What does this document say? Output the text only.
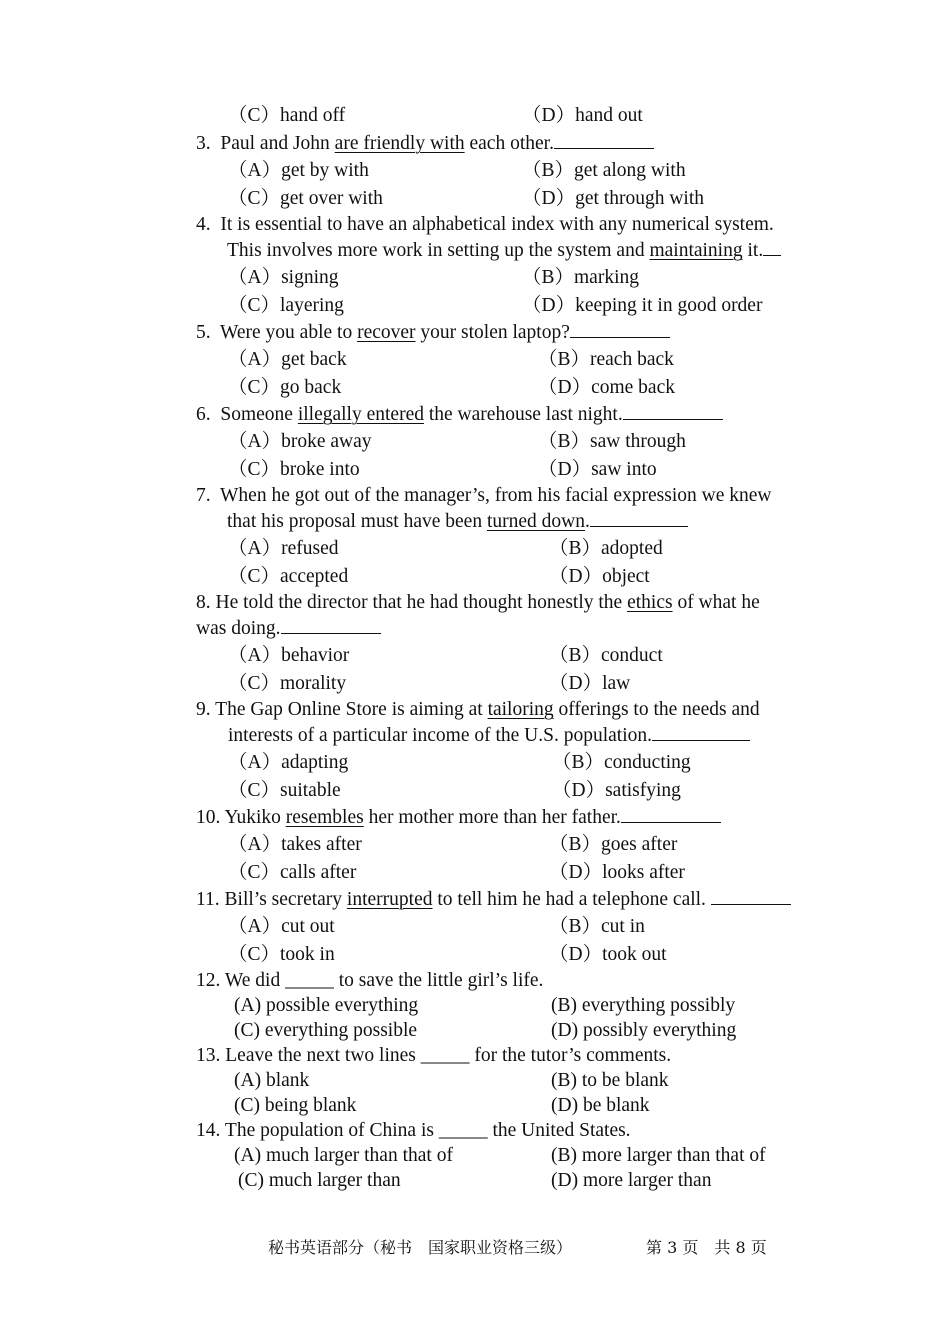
（C）hand off	（D）hand out
3. Paul and John are friendly with each other.
（A）get by with	（B）get along with
（C）get over with	（D）get through with
4. It is essential to have an alphabetical index with any numerical system.
This involves more work in setting up the system and maintaining it.
（A）signing	（B）marking
（C）layering	（D）keeping it in good order
5. Were you able to recover your stolen laptop?
（A）get back	（B）reach back
（C）go back	（D）come back
6. Someone illegally entered the warehouse last night.
（A）broke away	（B）saw through
（C）broke into	（D）saw into
7. When he got out of the manager’s, from his facial expression we knew
that his proposal must have been turned down.
（A）refused	（B）adopted
（C）accepted	（D）object
8. He told the director that he had thought honestly the ethics of what he
was doing.
（A）behavior	（B）conduct
（C）morality	（D）law
9. The Gap Online Store is aiming at tailoring offerings to the needs and
interests of a particular income of the U.S. population.
（A）adapting	（B）conducting
（C）suitable	（D）satisfying
10. Yukiko resembles her mother more than her father.
（A）takes after	（B）goes after
（C）calls after	（D）looks after
11. Bill’s secretary interrupted to tell him he had a telephone call.
（A）cut out	（B）cut in
（C）took in	（D）took out
12. We did _____ to save the little girl’s life.
(A) possible everything	(B) everything possibly
(C) everything possible	(D) possibly everything
13. Leave the next two lines _____ for the tutor’s comments.
(A) blank	(B) to be blank
(C) being blank	(D) be blank
14. The population of China is _____ the United States.
(A) much larger than that of	(B) more larger than that of
(C) much larger than	(D) more larger than
秘书英语部分（秘书　国家职业资格三级）	第 3 页　共 8 页
